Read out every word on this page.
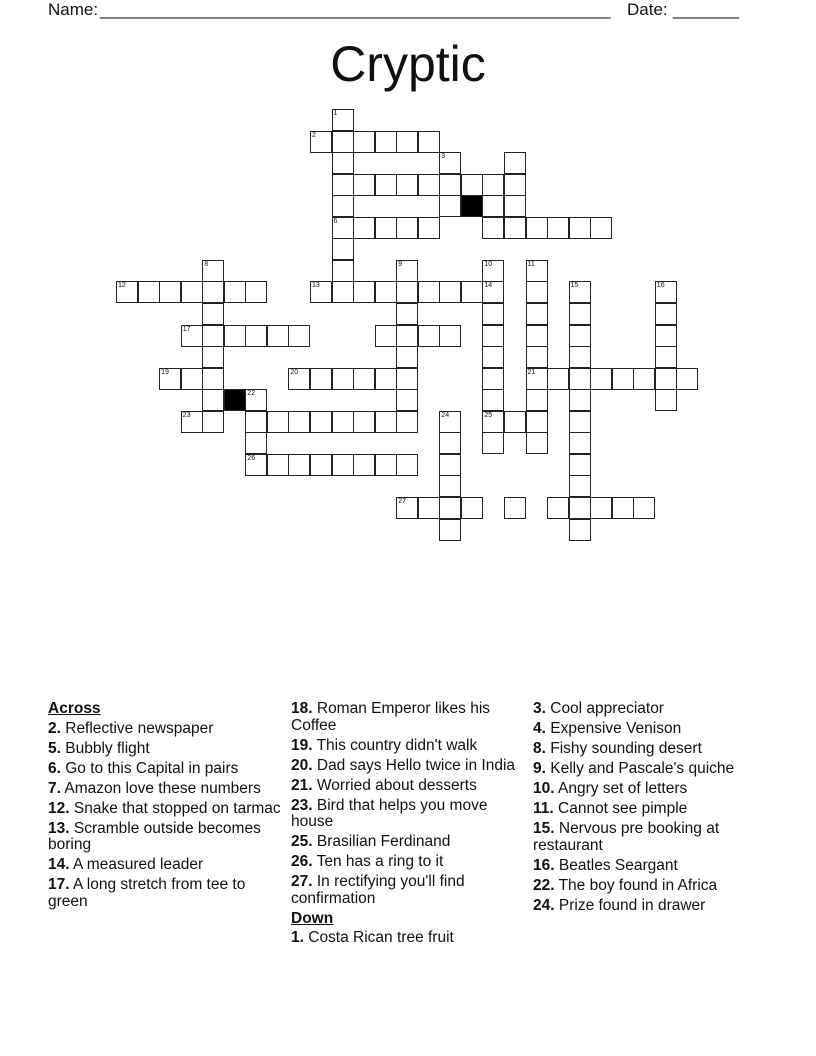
Name: ______________________________________________________ Date: _______
Cryptic
1
6
2
3
12
8
13
9	10
14
25
11
21
15	16
17
19	20
22
23	24
26
27
Across
2. Reflective newspaper
5. Bubbly flight
6. Go to this Capital in pairs
7. Amazon love these numbers
12. Snake that stopped on tarmac
13. Scramble outside becomes boring
14. A measured leader
17. A long stretch from tee to green
18. Roman Emperor likes his Coffee
19. This country didn't walk
20. Dad says Hello twice in India
21. Worried about desserts
23. Bird that helps you move house
25. Brasilian Ferdinand
26. Ten has a ring to it
27. In rectifying you'll find confirmation
Down
1. Costa Rican tree fruit
3. Cool appreciator
4. Expensive Venison
8. Fishy sounding desert
9. Kelly and Pascale's quiche
10. Angry set of letters
11. Cannot see pimple
15. Nervous pre booking at restaurant
16. Beatles Seargant
22. The boy found in Africa
24. Prize found in drawer
